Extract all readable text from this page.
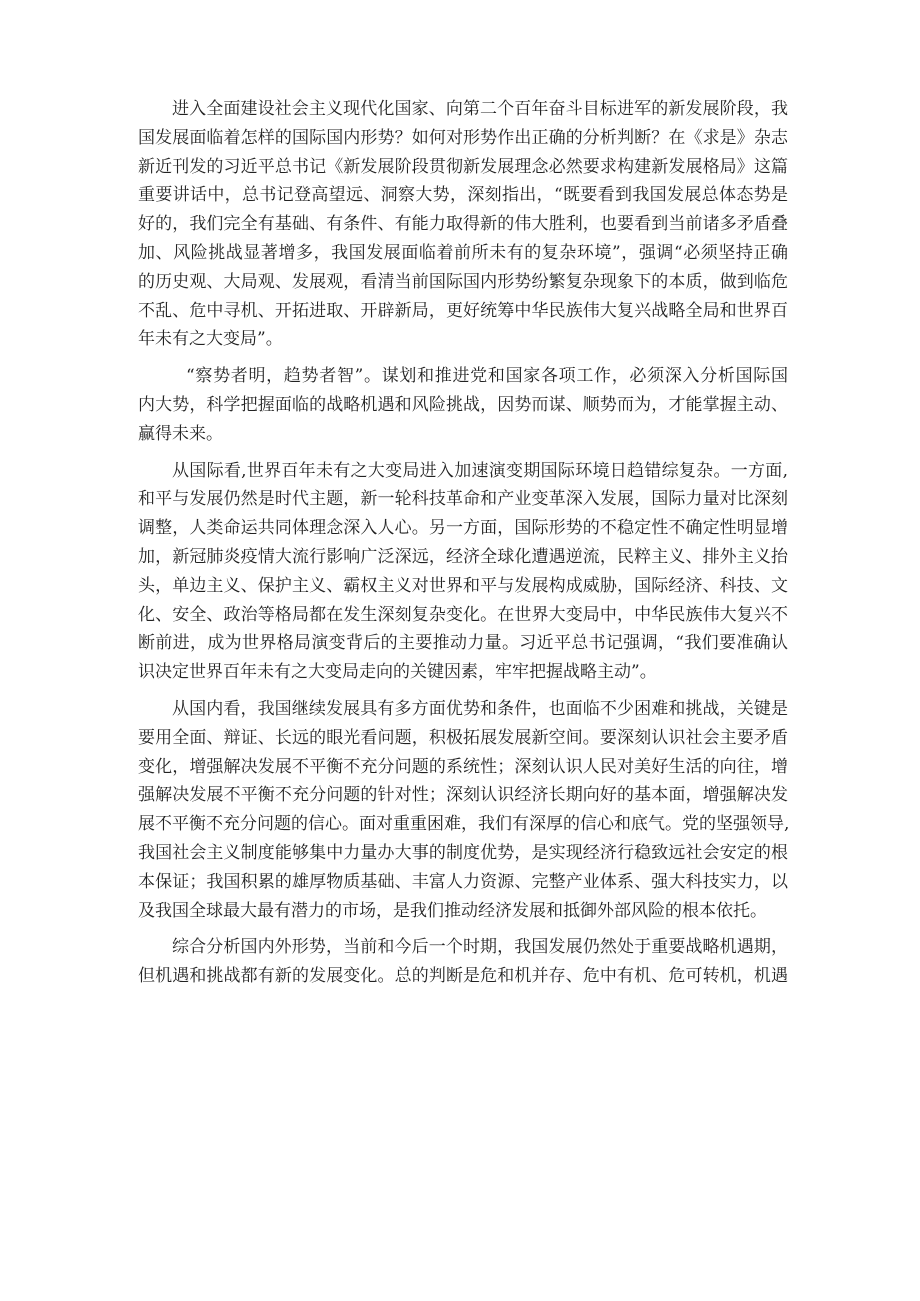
进入全面建设社会主义现代化国家、向第二个百年奋斗目标进军的新发展阶段，我
国发展面临着怎样的国际国内形势？如何对形势作出正确的分析判断？在《求是》杂志
新近刊发的习近平总书记《新发展阶段贯彻新发展理念必然要求构建新发展格局》这篇
重要讲话中，总书记登高望远、洞察大势，深刻指出，“既要看到我国发展总体态势是
好的，我们完全有基础、有条件、有能力取得新的伟大胜利，也要看到当前诸多矛盾叠
加、风险挑战显著增多，我国发展面临着前所未有的复杂环境”，强调“必须坚持正确
的历史观、大局观、发展观，看清当前国际国内形势纷繁复杂现象下的本质，做到临危
不乱、危中寻机、开拓进取、开辟新局，更好统筹中华民族伟大复兴战略全局和世界百
年未有之大变局”。

“察势者明，趋势者智”。谋划和推进党和国家各项工作，必须深入分析国际国
内大势，科学把握面临的战略机遇和风险挑战，因势而谋、顺势而为，才能掌握主动、
赢得未来。

从国际看,世界百年未有之大变局进入加速演变期国际环境日趋错综复杂。一方面,
和平与发展仍然是时代主题，新一轮科技革命和产业变革深入发展，国际力量对比深刻
调整，人类命运共同体理念深入人心。另一方面，国际形势的不稳定性不确定性明显增
加，新冠肺炎疫情大流行影响广泛深远，经济全球化遭遇逆流，民粹主义、排外主义抬
头，单边主义、保护主义、霸权主义对世界和平与发展构成威胁，国际经济、科技、文
化、安全、政治等格局都在发生深刻复杂变化。在世界大变局中，中华民族伟大复兴不
断前进，成为世界格局演变背后的主要推动力量。习近平总书记强调，“我们要准确认
识决定世界百年未有之大变局走向的关键因素，牢牢把握战略主动”。

从国内看，我国继续发展具有多方面优势和条件，也面临不少困难和挑战，关键是
要用全面、辩证、长远的眼光看问题，积极拓展发展新空间。要深刻认识社会主要矛盾
变化，增强解决发展不平衡不充分问题的系统性；深刻认识人民对美好生活的向往，增
强解决发展不平衡不充分问题的针对性；深刻认识经济长期向好的基本面，增强解决发
展不平衡不充分问题的信心。面对重重困难，我们有深厚的信心和底气。党的坚强领导,
我国社会主义制度能够集中力量办大事的制度优势，是实现经济行稳致远社会安定的根
本保证；我国积累的雄厚物质基础、丰富人力资源、完整产业体系、强大科技实力，以
及我国全球最大最有潜力的市场，是我们推动经济发展和抵御外部风险的根本依托。

综合分析国内外形势，当前和今后一个时期，我国发展仍然处于重要战略机遇期，
但机遇和挑战都有新的发展变化。总的判断是危和机并存、危中有机、危可转机，机遇
